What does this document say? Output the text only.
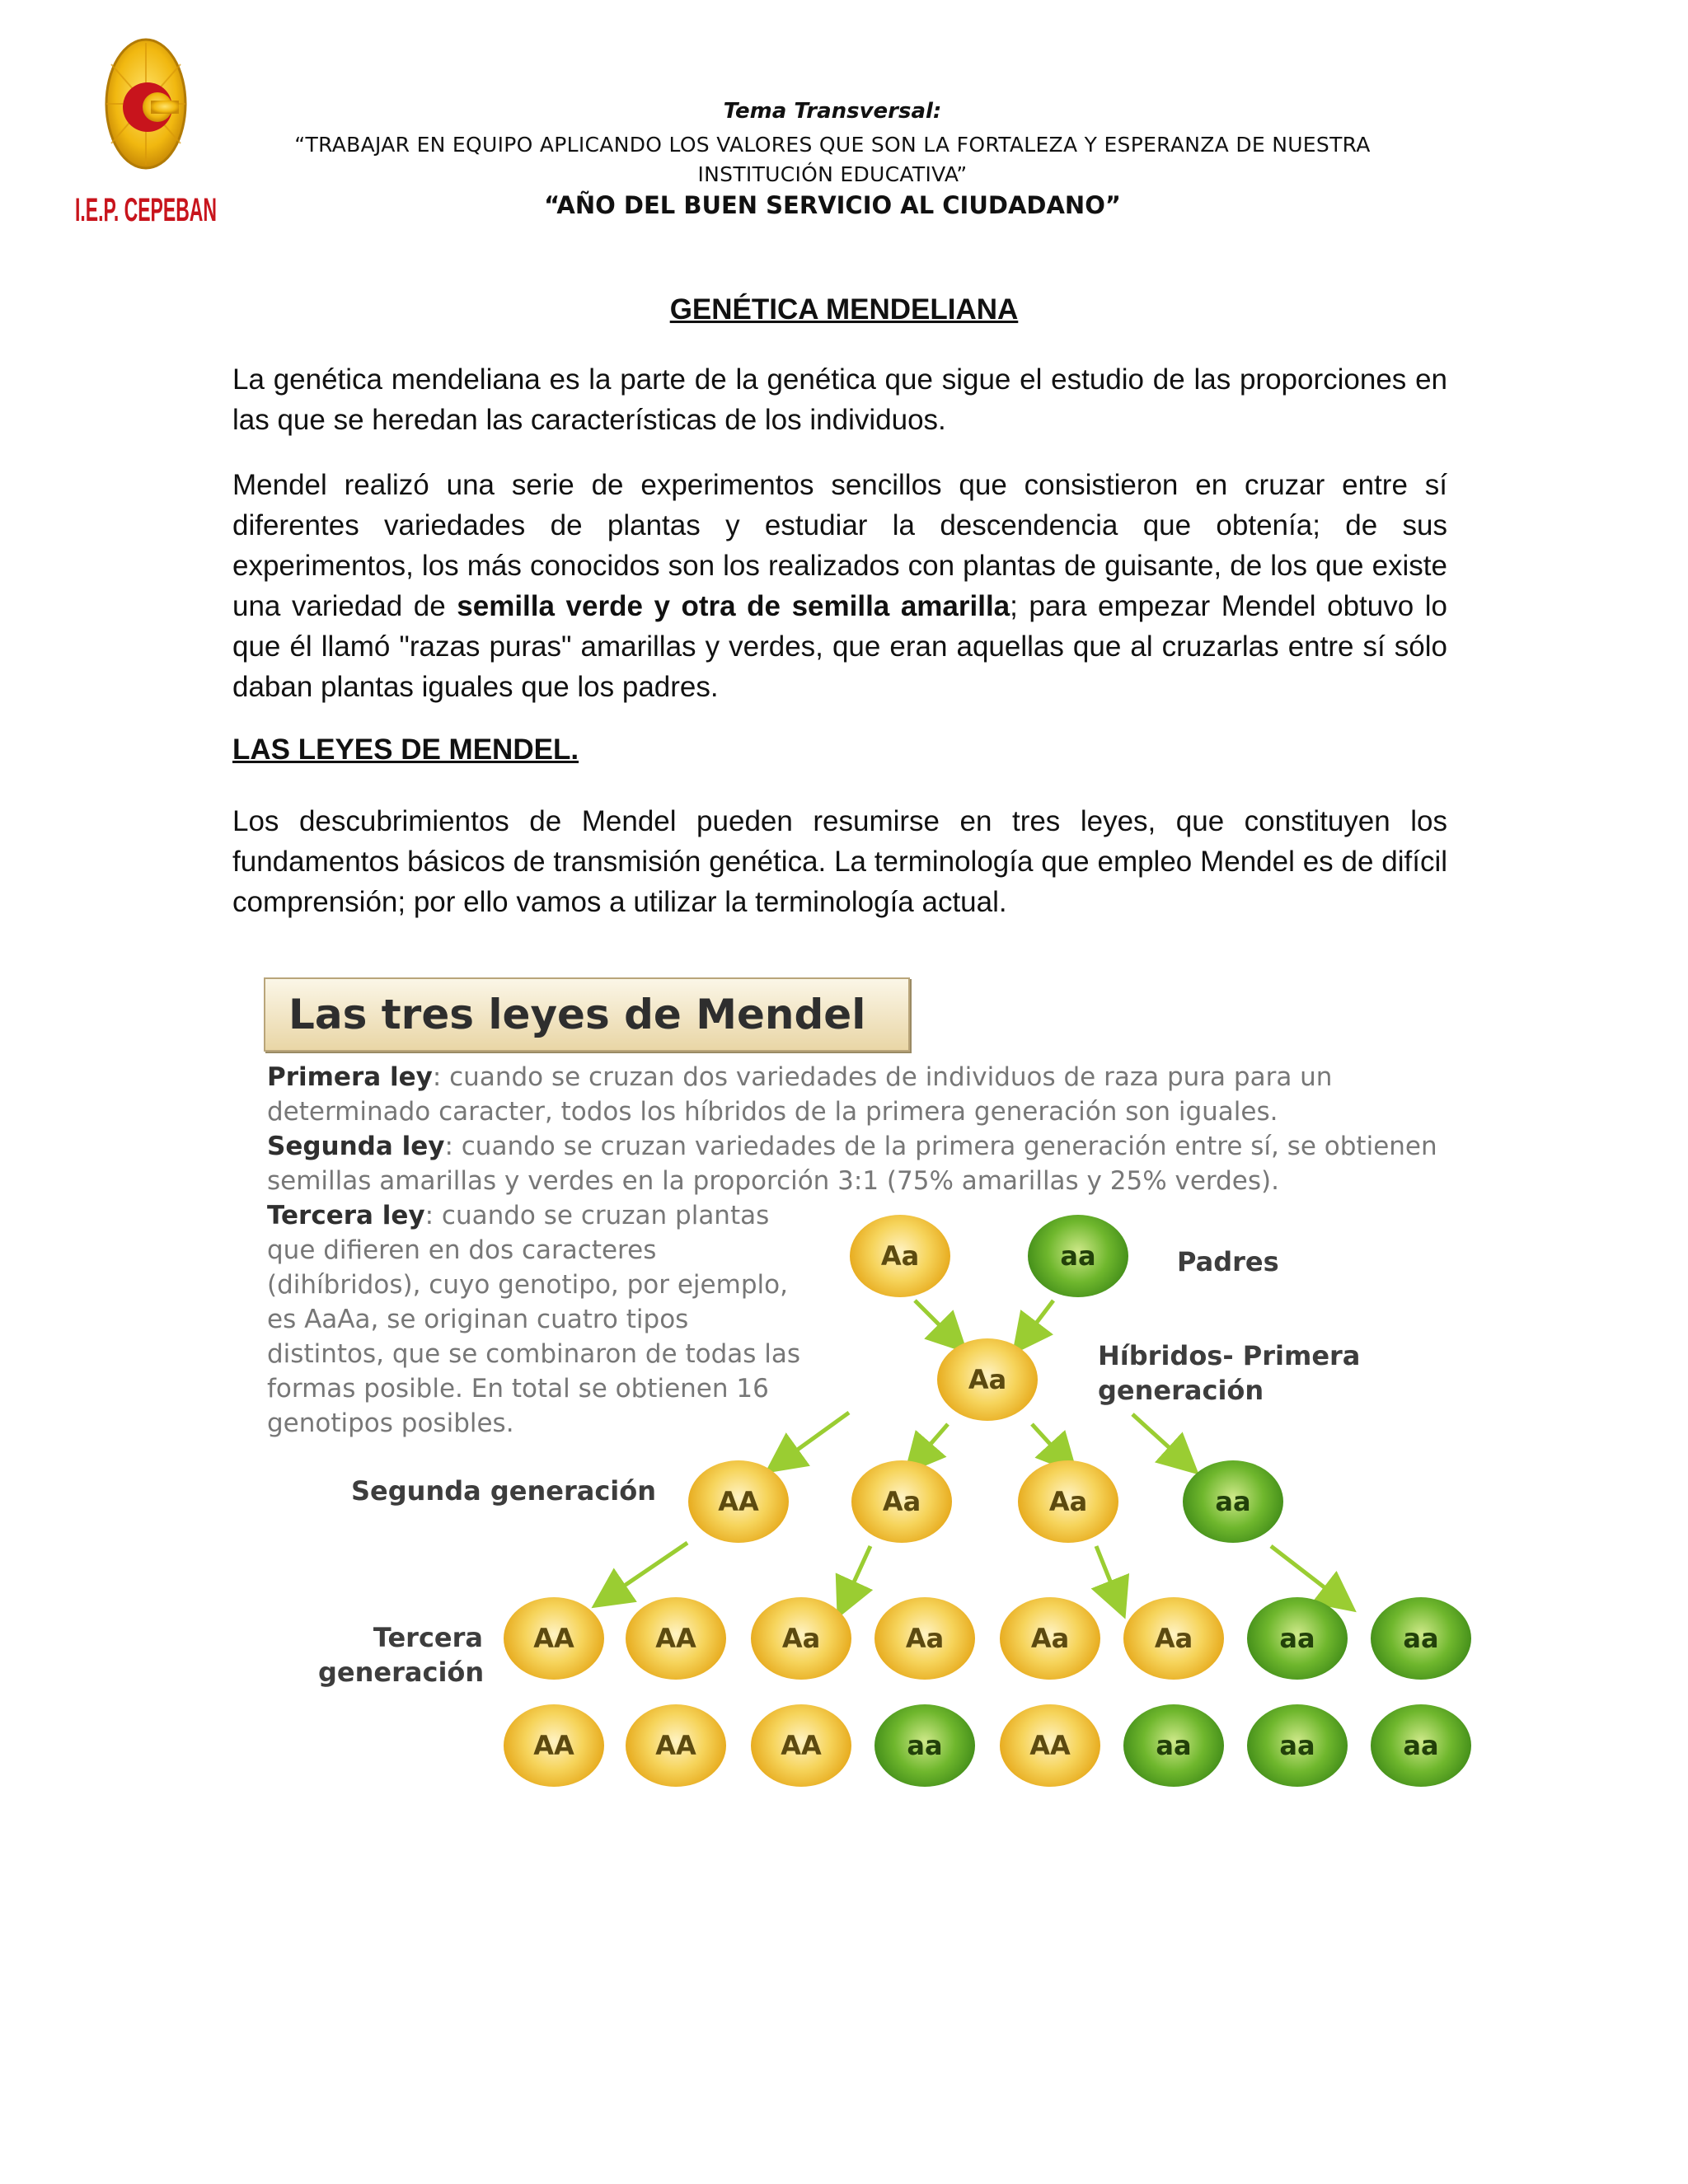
I.E.P. CEPEBAN
Tema Transversal:
“TRABAJAR EN EQUIPO APLICANDO LOS VALORES QUE SON LA FORTALEZA Y ESPERANZA DE NUESTRA
INSTITUCIÓN EDUCATIVA”
“AÑO DEL BUEN SERVICIO AL CIUDADANO”
GENÉTICA MENDELIANA
La genética mendeliana es la parte de la genética que sigue el estudio de las proporciones en las que se heredan las características de los individuos.
Mendel realizó una serie de experimentos sencillos que consistieron en cruzar entre sí diferentes variedades de plantas y estudiar la descendencia que obtenía; de sus experimentos, los más conocidos son los realizados con plantas de guisante, de los que existe una variedad de semilla verde y otra de semilla amarilla; para empezar Mendel obtuvo lo que él llamó "razas puras" amarillas y verdes, que eran aquellas que al cruzarlas entre sí sólo daban plantas iguales que los padres.
LAS LEYES DE MENDEL.
Los descubrimientos de Mendel pueden resumirse en tres leyes, que constituyen los fundamentos básicos de transmisión genética. La terminología que empleo Mendel es de difícil comprensión; por ello vamos a utilizar la terminología actual.
Las tres leyes de Mendel
Primera ley: cuando se cruzan dos variedades de individuos de raza pura para un determinado caracter, todos los híbridos de la primera generación son iguales.
Segunda ley: cuando se cruzan variedades de la primera generación entre sí, se obtienen semillas amarillas y verdes en la proporción 3:1 (75% amarillas y 25% verdes).
Tercera ley: cuando se cruzan plantas que difieren en dos caracteres (dihíbridos), cuyo genotipo, por ejemplo, es AaAa, se originan cuatro tipos distintos, que se combinaron de todas las formas posible. En total se obtienen 16 genotipos posibles.
Padres
Híbridos- Primera
generación
Segunda generación
Tercera
generación
Aa	aa
Aa
AA	Aa	Aa	aa
AA	AA	Aa	Aa	Aa	Aa	aa	aa
AA	AA	AA	aa	AA	aa	aa	aa
